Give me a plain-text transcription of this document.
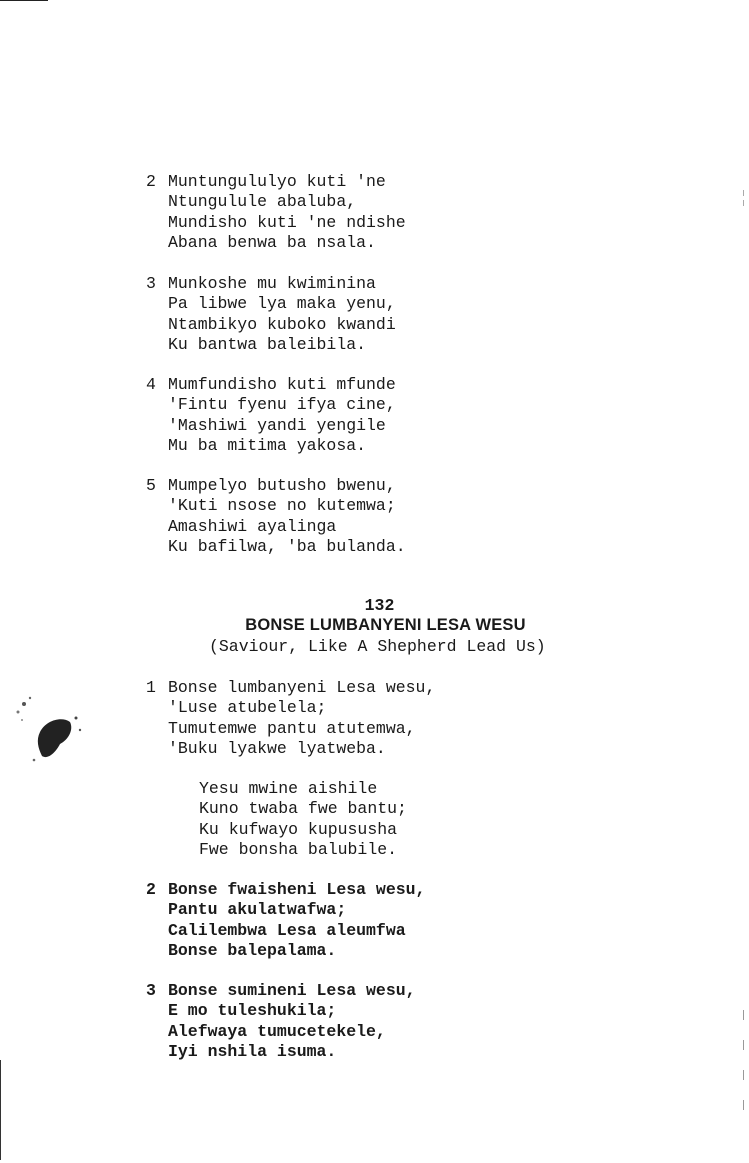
2 Muntungululyo kuti 'ne
Ntungulule abaluba,
Mundisho kuti 'ne ndishe
Abana benwa ba nsala.
3 Munkoshe mu kwiminina
Pa libwe lya maka yenu,
Ntambikyo kuboko kwandi
Ku bantwa baleibila.
4 Mumfundisho kuti mfunde
'Fintu fyenu ifya cine,
'Mashiwi yandi yengile
Mu ba mitima yakosa.
5 Mumpelyo butusho bwenu,
'Kuti nsose no kutemwa;
Amashiwi ayalinga
Ku bafilwa, 'ba bulanda.
132
BONSE LUMBANYENI LESA WESU
(Saviour, Like A Shepherd Lead Us)
1 Bonse lumbanyeni Lesa wesu,
'Luse atubelela;
Tumutemwe pantu atutemwa,
'Buku lyakwe lyatweba.
Yesu mwine aishile
Kuno twaba fwe bantu;
Ku kufwayo kupususha
Fwe bonsha balubile.
2 Bonse fwaisheni Lesa wesu,
Pantu akulatwafwa;
Calilembwa Lesa aleumfwa
Bonse balepalama.
3 Bonse sumineni Lesa wesu,
E mo tuleshukila;
Alefwaya tumucetekele,
Iyi nshila isuma.
